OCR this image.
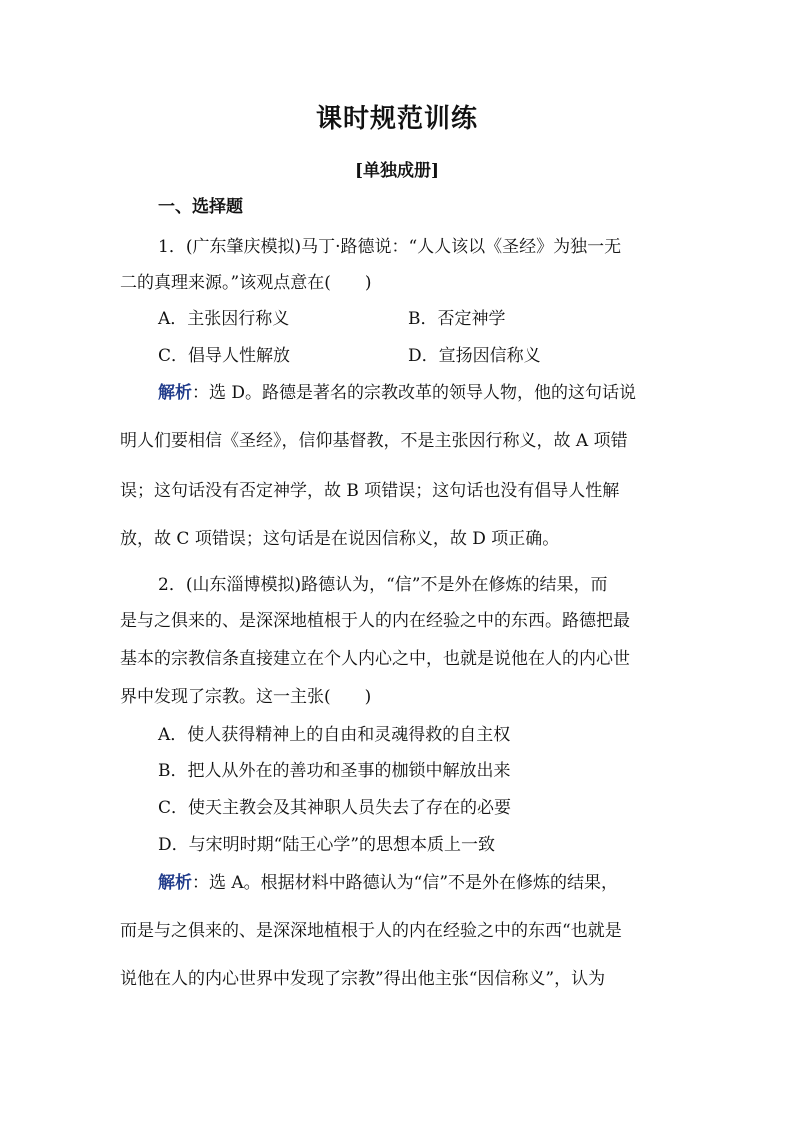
课时规范训练
[单独成册]
一、选择题
1．(广东肇庆模拟)马丁·路德说：“人人该以《圣经》为独一无
二的真理来源。”该观点意在(　　)
A．主张因行称义	B．否定神学
C．倡导人性解放	D．宣扬因信称义
解析：选 D。路德是著名的宗教改革的领导人物，他的这句话说
明人们要相信《圣经》，信仰基督教，不是主张因行称义，故 A 项错
误；这句话没有否定神学，故 B 项错误；这句话也没有倡导人性解
放，故 C 项错误；这句话是在说因信称义，故 D 项正确。
2．(山东淄博模拟)路德认为，“信”不是外在修炼的结果，而
是与之俱来的、是深深地植根于人的内在经验之中的东西。路德把最
基本的宗教信条直接建立在个人内心之中，也就是说他在人的内心世
界中发现了宗教。这一主张(　　)
A．使人获得精神上的自由和灵魂得救的自主权
B．把人从外在的善功和圣事的枷锁中解放出来
C．使天主教会及其神职人员失去了存在的必要
D．与宋明时期“陆王心学”的思想本质上一致
解析：选 A。根据材料中路德认为“信”不是外在修炼的结果，
而是与之俱来的、是深深地植根于人的内在经验之中的东西“也就是
说他在人的内心世界中发现了宗教”得出他主张“因信称义”，认为
